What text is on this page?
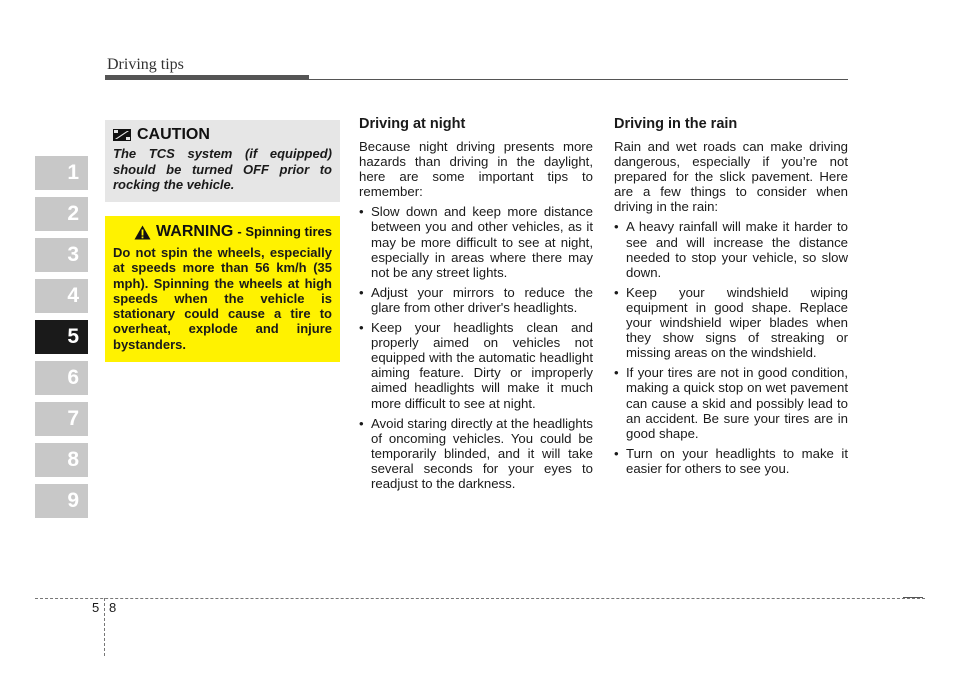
Driving tips
1
2
3
4
5
6
7
8
9
CAUTION
The TCS system (if equipped) should be turned OFF prior to rocking the vehicle.
WARNING - Spinning tires
Do not spin the wheels, especially at speeds more than 56 km/h (35 mph). Spinning the wheels at high speeds when the vehicle is stationary could cause a tire to overheat, explode and injure bystanders.
Driving at night

Because night driving presents more hazards than driving in the daylight, here are some important tips to remember:

• Slow down and keep more distance between you and other vehicles, as it may be more difficult to see at night, especially in areas where there may not be any street lights.
• Adjust your mirrors to reduce the glare from other driver's headlights.
• Keep your headlights clean and properly aimed on vehicles not equipped with the automatic headlight aiming feature. Dirty or improperly aimed headlights will make it much more difficult to see at night.
• Avoid staring directly at the headlights of oncoming vehicles. You could be temporarily blinded, and it will take several seconds for your eyes to readjust to the darkness.
Driving in the rain

Rain and wet roads can make driving dangerous, especially if you’re not prepared for the slick pavement. Here are a few things to consider when driving in the rain:

• A heavy rainfall will make it harder to see and will increase the distance needed to stop your vehicle, so slow down.
• Keep your windshield wiping equipment in good shape. Replace your windshield wiper blades when they show signs of streaking or missing areas on the windshield.
• If your tires are not in good condition, making a quick stop on wet pavement can cause a skid and possibly lead to an accident. Be sure your tires are in good shape.
• Turn on your headlights to make it easier for others to see you.
5 8
